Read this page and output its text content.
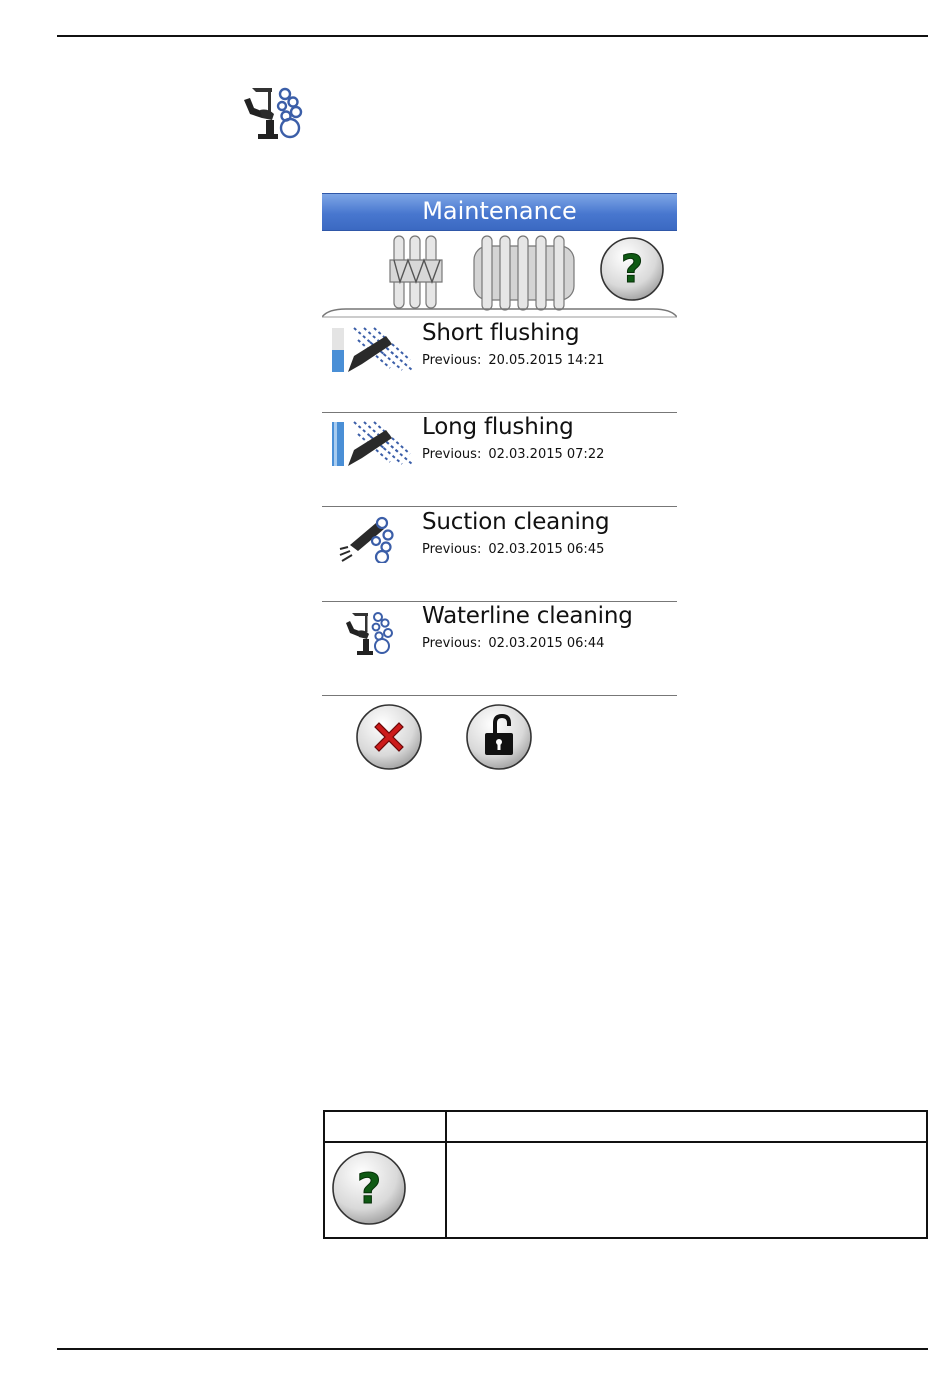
Maintenance
?
Short flushing
Previous: 20.05.2015 14:21
Long flushing
Previous: 02.03.2015 07:22
Suction cleaning
Previous: 02.03.2015 06:45
Waterline cleaning
Previous: 02.03.2015 06:44
?
